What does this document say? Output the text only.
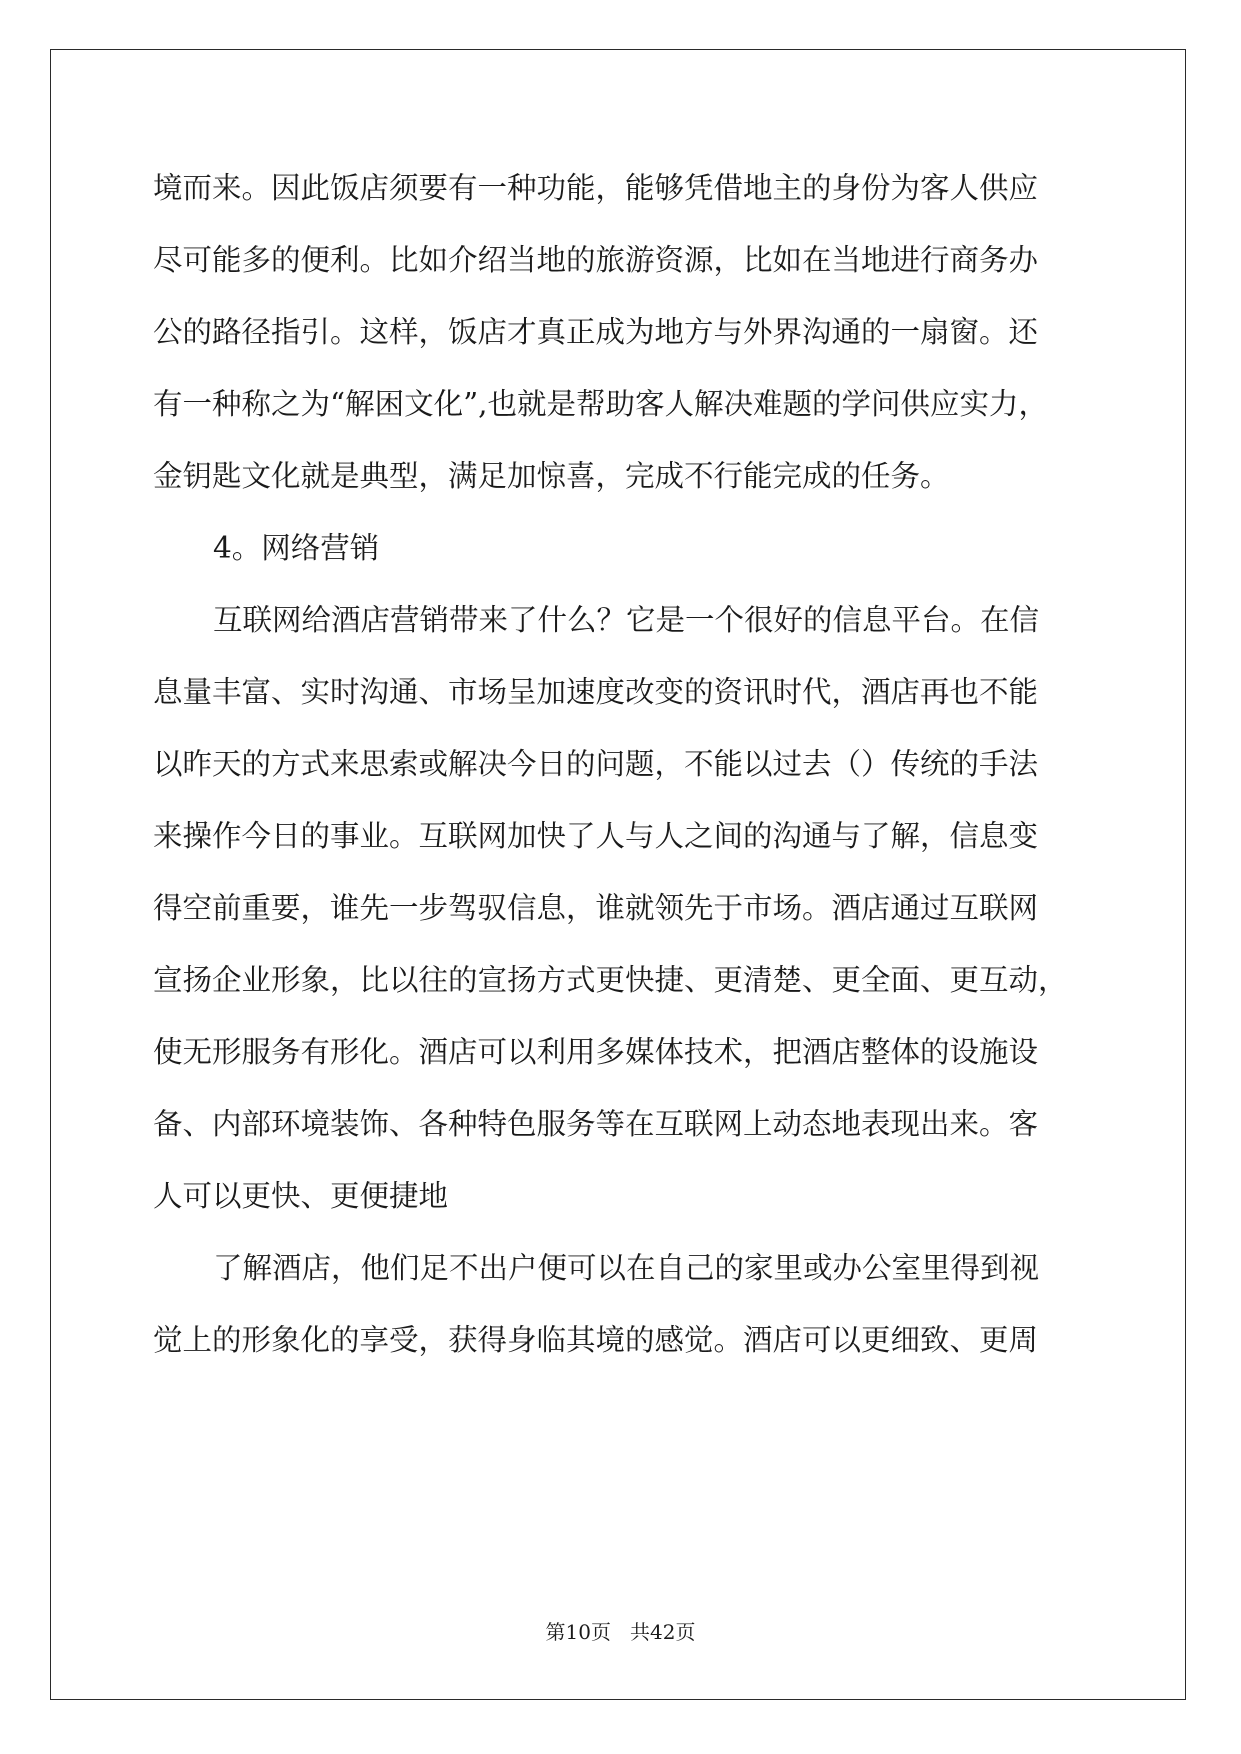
境而来。因此饭店须要有一种功能，能够凭借地主的身份为客人供应
尽可能多的便利。比如介绍当地的旅游资源，比如在当地进行商务办
公的路径指引。这样，饭店才真正成为地方与外界沟通的一扇窗。还
有一种称之为“解困文化”,也就是帮助客人解决难题的学问供应实力，
金钥匙文化就是典型，满足加惊喜，完成不行能完成的任务。
4。网络营销
互联网给酒店营销带来了什么？它是一个很好的信息平台。在信
息量丰富、实时沟通、市场呈加速度改变的资讯时代，酒店再也不能
以昨天的方式来思索或解决今日的问题，不能以过去（）传统的手法
来操作今日的事业。互联网加快了人与人之间的沟通与了解，信息变
得空前重要，谁先一步驾驭信息，谁就领先于市场。酒店通过互联网
宣扬企业形象，比以往的宣扬方式更快捷、更清楚、更全面、更互动，
使无形服务有形化。酒店可以利用多媒体技术，把酒店整体的设施设
备、内部环境装饰、各种特色服务等在互联网上动态地表现出来。客
人可以更快、更便捷地
了解酒店，他们足不出户便可以在自己的家里或办公室里得到视
觉上的形象化的享受，获得身临其境的感觉。酒店可以更细致、更周
第10页 共42页
